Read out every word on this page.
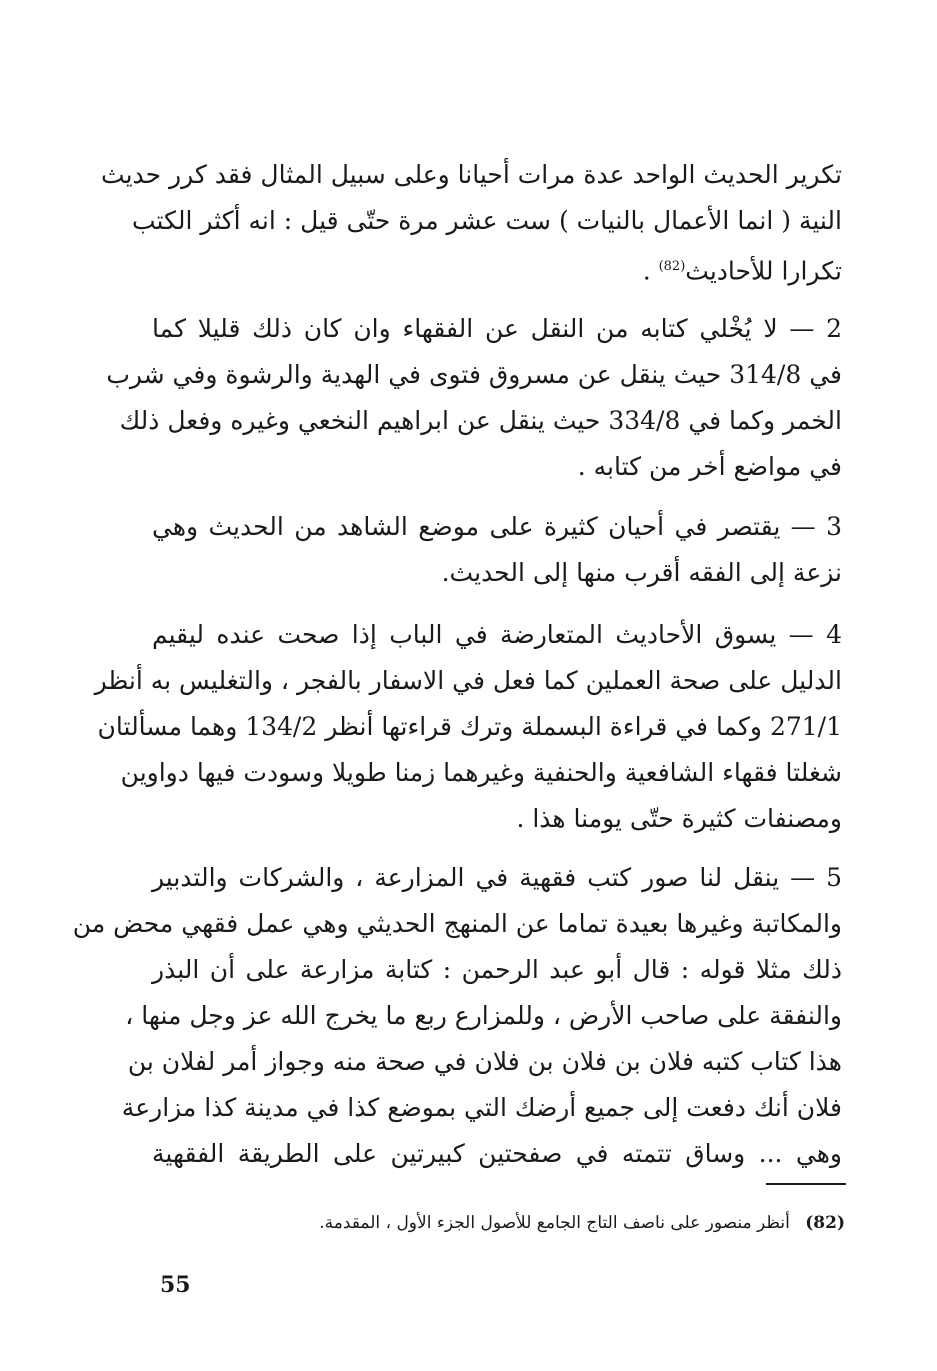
تكرير الحديث الواحد عدة مرات أحيانا وعلى سبيل المثال فقد كرر حديث
النية ( انما الأعمال بالنيات ) ست عشر مرة حتّى قيل : انه أكثر الكتب
تكرارا للأحاديث$^{(82)}$ .
2 — لا يُخْلي كتابه من النقل عن الفقهاء وان كان ذلك قليلا كما
في 314/8 حيث ينقل عن مسروق فتوى في الهدية والرشوة وفي شرب
الخمر وكما في 334/8 حيث ينقل عن ابراهيم النخعي وغيره وفعل ذلك
في مواضع أخر من كتابه .
3 — يقتصر في أحيان كثيرة على موضع الشاهد من الحديث وهي
نزعة إلى الفقه أقرب منها إلى الحديث.
4 — يسوق الأحاديث المتعارضة في الباب إذا صحت عنده ليقيم
الدليل على صحة العملين كما فعل في الاسفار بالفجر ، والتغليس به أنظر
271/1 وكما في قراءة البسملة وترك قراءتها أنظر 134/2 وهما مسألتان
شغلتا فقهاء الشافعية والحنفية وغيرهما زمنا طويلا وسودت فيها دواوين
ومصنفات كثيرة حتّى يومنا هذا .
5 — ينقل لنا صور كتب فقهية في المزارعة ، والشركات والتدبير
والمكاتبة وغيرها بعيدة تماما عن المنهج الحديثي وهي عمل فقهي محض من
ذلك مثلا قوله : قال أبو عبد الرحمن : كتابة مزارعة على أن البذر
والنفقة على صاحب الأرض ، وللمزارع ربع ما يخرج الله عز وجل منها ،
هذا كتاب كتبه فلان بن فلان بن فلان في صحة منه وجواز أمر لفلان بن
فلان أنك دفعت إلى جميع أرضك التي بموضع كذا في مدينة كذا مزارعة
وهي ... وساق تتمته في صفحتين كبيرتين على الطريقة الفقهية
(82) أنظر منصور على ناصف التاج الجامع للأصول الجزء الأول ، المقدمة.
55
